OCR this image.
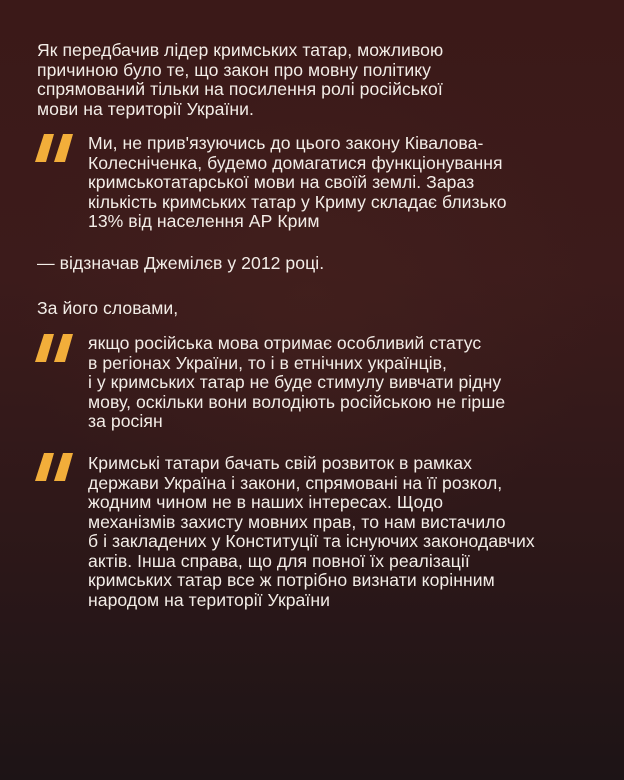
Як передбачив лідер кримських татар, можливою
причиною було те, що закон про мовну політику
спрямований тільки на посилення ролі російської
мови на території України.

Ми, не прив'язуючись до цього закону Ківалова-
Колесніченка, будемо домагатися функціонування
кримськотатарської мови на своїй землі. Зараз
кількість кримських татар у Криму складає близько
13% від населення АР Крим

— відзначав Джемілєв у 2012 році.

За його словами,

якщо російська мова отримає особливий статус
в регіонах України, то і в етнічних українців,
і у кримських татар не буде стимулу вивчати рідну
мову, оскільки вони володіють російською не гірше
за росіян

Кримські татари бачать свій розвиток в рамках
держави Україна і закони, спрямовані на її розкол,
жодним чином не в наших інтересах. Щодо
механізмів захисту мовних прав, то нам вистачило
б і закладених у Конституції та існуючих законодавчих
актів. Інша справа, що для повної їх реалізації
кримських татар все ж потрібно визнати корінним
народом на території України
